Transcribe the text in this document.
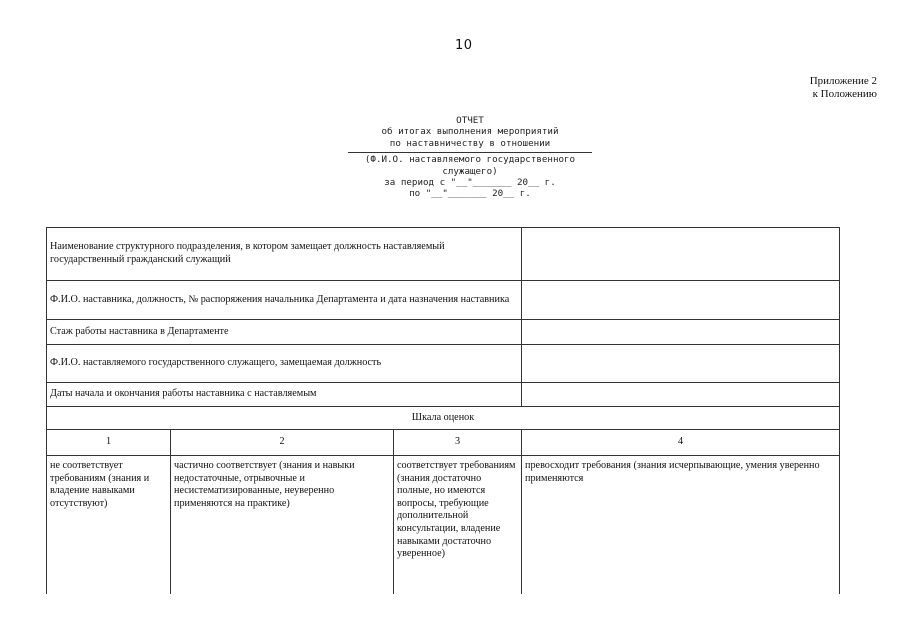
10
Приложение 2
к Положению
ОТЧЕТ
об итогах выполнения мероприятий
по наставничеству в отношении
(Ф.И.О. наставляемого государственного
служащего)
за период с "__"_______ 20__ г.
по "__"_______ 20__ г.
Наименование структурного подразделения, в котором замещает должность наставляемый государственный гражданский служащий			
Ф.И.О. наставника, должность, № распоряжения начальника Департамента и дата назначения наставника			
Стаж работы наставника в Департаменте			
Ф.И.О. наставляемого государственного служащего, замещаемая должность			
Даты начала и окончания работы наставника с наставляемым			
Шкала оценок			
1	2	3	4
не соответствует требованиям (знания и владение навыками отсутствуют)	частично соответствует (знания и навыки недостаточные, отрывочные и несистематизированные, неуверенно применяются на практике)	соответствует требованиям (знания достаточно полные, но имеются вопросы, требующие дополнительной консультации, владение навыками достаточно уверенное)	превосходит требования (знания исчерпывающие, умения уверенно применяются
